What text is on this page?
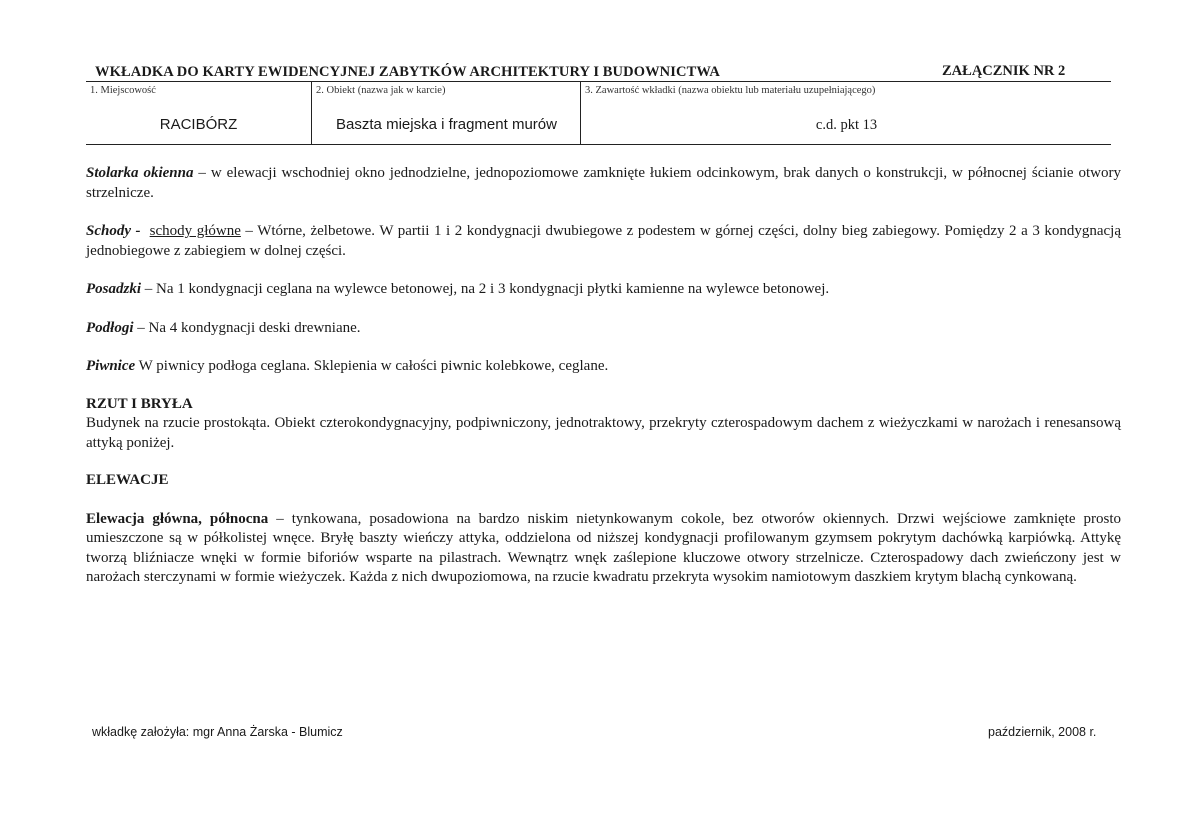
WKŁADKA DO KARTY EWIDENCYJNEJ ZABYTKÓW ARCHITEKTURY I BUDOWNICTWA	ZAŁĄCZNIK NR 2
1. Miejscowość
RACIBÓRZ
2. Obiekt (nazwa jak w karcie)
Baszta miejska i fragment murów
3. Zawartość wkładki (nazwa obiektu lub materiału uzupełniającego)
c.d. pkt 13

Stolarka okienna – w elewacji wschodniej okno jednodzielne, jednopoziomowe zamknięte łukiem odcinkowym, brak danych o konstrukcji, w północnej ścianie otwory strzelnicze.

Schody - schody główne – Wtórne, żelbetowe. W partii 1 i 2 kondygnacji dwubiegowe z podestem w górnej części, dolny bieg zabiegowy. Pomiędzy 2 a 3 kondygnacją jednobiegowe z zabiegiem w dolnej części.

Posadzki – Na 1 kondygnacji ceglana na wylewce betonowej, na 2 i 3 kondygnacji płytki kamienne na wylewce betonowej.

Podłogi – Na 4 kondygnacji deski drewniane.

Piwnice W piwnicy podłoga ceglana. Sklepienia w całości piwnic kolebkowe, ceglane.

RZUT I BRYŁA

Budynek na rzucie prostokąta. Obiekt czterokondygnacyjny, podpiwniczony, jednotraktowy, przekryty czterospadowym dachem z wieżyczkami w narożach i renesansową attyką poniżej.

ELEWACJE

Elewacja główna, północna – tynkowana, posadowiona na bardzo niskim nietynkowanym cokole, bez otworów okiennych. Drzwi wejściowe zamknięte prosto umieszczone są w półkolistej wnęce. Bryłę baszty wieńczy attyka, oddzielona od niższej kondygnacji profilowanym gzymsem pokrytym dachówką karpiówką. Attykę tworzą bliźniacze wnęki w formie biforiów wsparte na pilastrach. Wewnątrz wnęk zaślepione kluczowe otwory strzelnicze. Czterospadowy dach zwieńczony jest w narożach sterczynami w formie wieżyczek. Każda z nich dwupoziomowa, na rzucie kwadratu przekryta wysokim namiotowym daszkiem krytym blachą cynkowaną.

wkładkę założyła: mgr Anna Żarska - Blumicz	październik, 2008 r.
